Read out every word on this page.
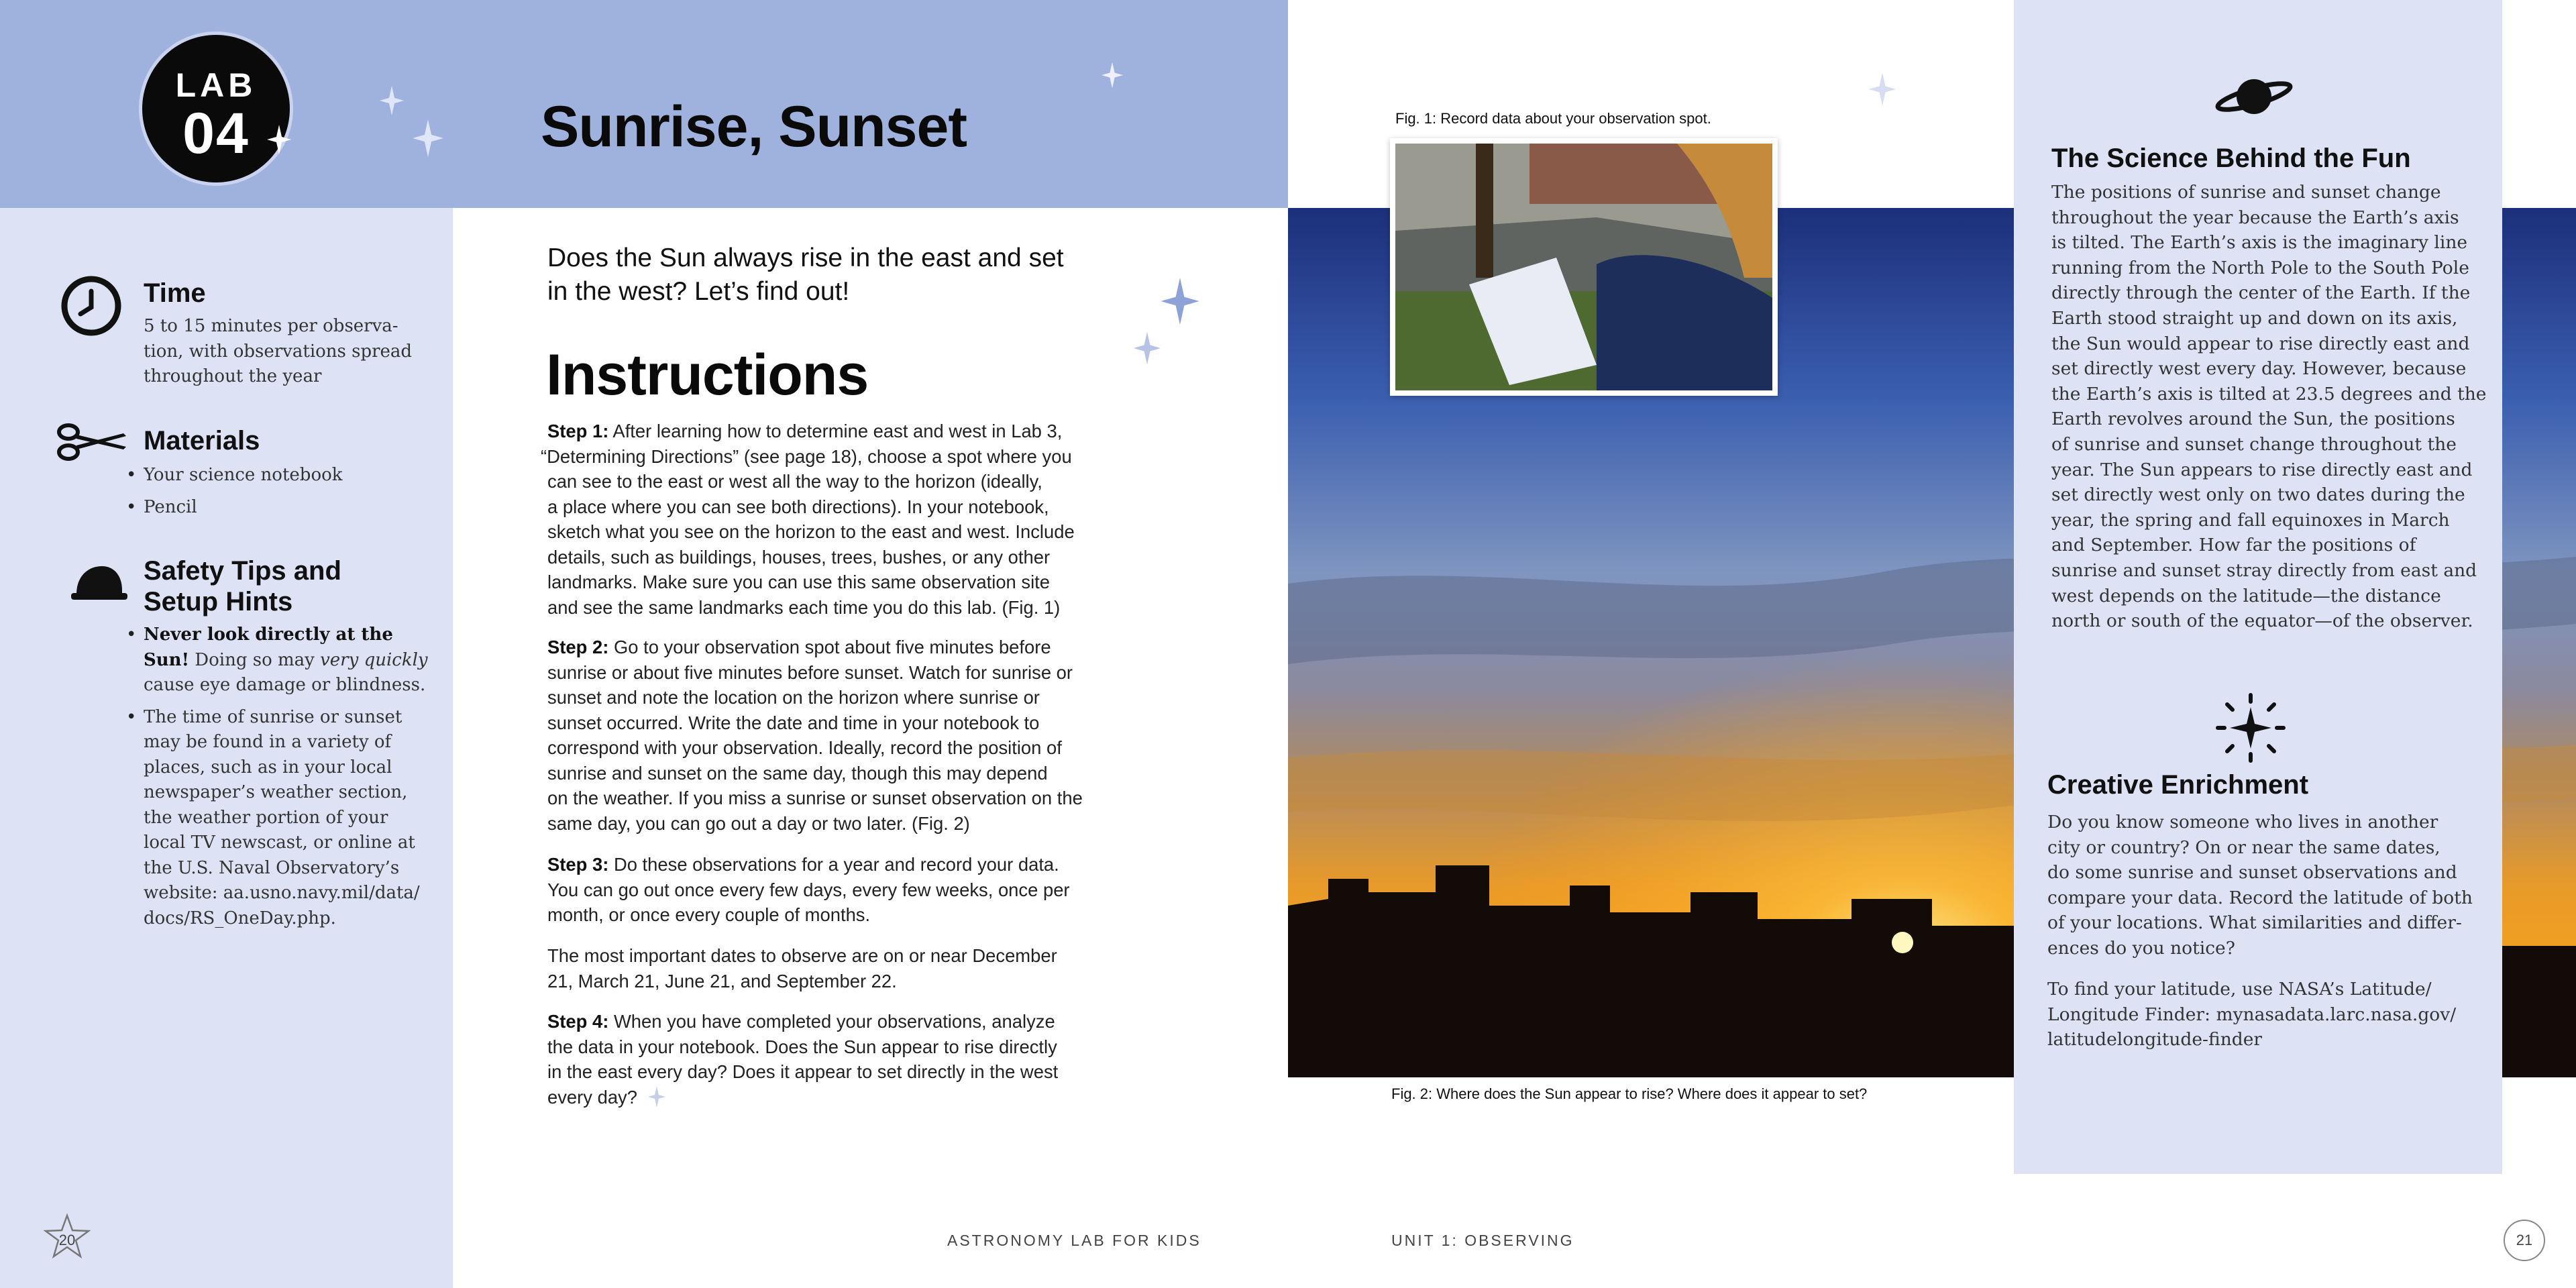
LAB
04	Sunrise, Sunset
Time
5 to 15 minutes per observa-
tion, with observations spread
throughout the year
Materials
• Your science notebook
• Pencil
Safety Tips and
Setup Hints
• Never look directly at the
Sun! Doing so may very quickly
cause eye damage or blindness.
• The time of sunrise or sunset
may be found in a variety of
places, such as in your local
newspaper’s weather section,
the weather portion of your
local TV newscast, or online at
the U.S. Naval Observatory’s
website: aa.usno.navy.mil/data/
docs/RS_OneDay.php.
Does the Sun always rise in the east and set
in the west? Let’s find out!
Instructions
Step 1: After learning how to determine east and west in Lab 3,
“Determining Directions” (see page 18), choose a spot where you
can see to the east or west all the way to the horizon (ideally,
a place where you can see both directions). In your notebook,
sketch what you see on the horizon to the east and west. Include
details, such as buildings, houses, trees, bushes, or any other
landmarks. Make sure you can use this same observation site
and see the same landmarks each time you do this lab. (Fig. 1)
Step 2: Go to your observation spot about five minutes before
sunrise or about five minutes before sunset. Watch for sunrise or
sunset and note the location on the horizon where sunrise or
sunset occurred. Write the date and time in your notebook to
correspond with your observation. Ideally, record the position of
sunrise and sunset on the same day, though this may depend
on the weather. If you miss a sunrise or sunset observation on the
same day, you can go out a day or two later. (Fig. 2)
Step 3: Do these observations for a year and record your data.
You can go out once every few days, every few weeks, once per
month, or once every couple of months.
The most important dates to observe are on or near December
21, March 21, June 21, and September 22.
Step 4: When you have completed your observations, analyze
the data in your notebook. Does the Sun appear to rise directly
in the east every day? Does it appear to set directly in the west
every day?
20	ASTRONOMY LAB FOR KIDS
Fig. 1: Record data about your observation spot.
Fig. 2: Where does the Sun appear to rise? Where does it appear to set?
The Science Behind the Fun
The positions of sunrise and sunset change
throughout the year because the Earth’s axis
is tilted. The Earth’s axis is the imaginary line
running from the North Pole to the South Pole
directly through the center of the Earth. If the
Earth stood straight up and down on its axis,
the Sun would appear to rise directly east and
set directly west every day. However, because
the Earth’s axis is tilted at 23.5 degrees and the
Earth revolves around the Sun, the positions
of sunrise and sunset change throughout the
year. The Sun appears to rise directly east and
set directly west only on two dates during the
year, the spring and fall equinoxes in March
and September. How far the positions of
sunrise and sunset stray directly from east and
west depends on the latitude—the distance
north or south of the equator—of the observer.
Creative Enrichment
Do you know someone who lives in another
city or country? On or near the same dates,
do some sunrise and sunset observations and
compare your data. Record the latitude of both
of your locations. What similarities and differ-
ences do you notice?
To find your latitude, use NASA’s Latitude/
Longitude Finder: mynasadata.larc.nasa.gov/
latitudelongitude-finder
UNIT 1: OBSERVING	21
